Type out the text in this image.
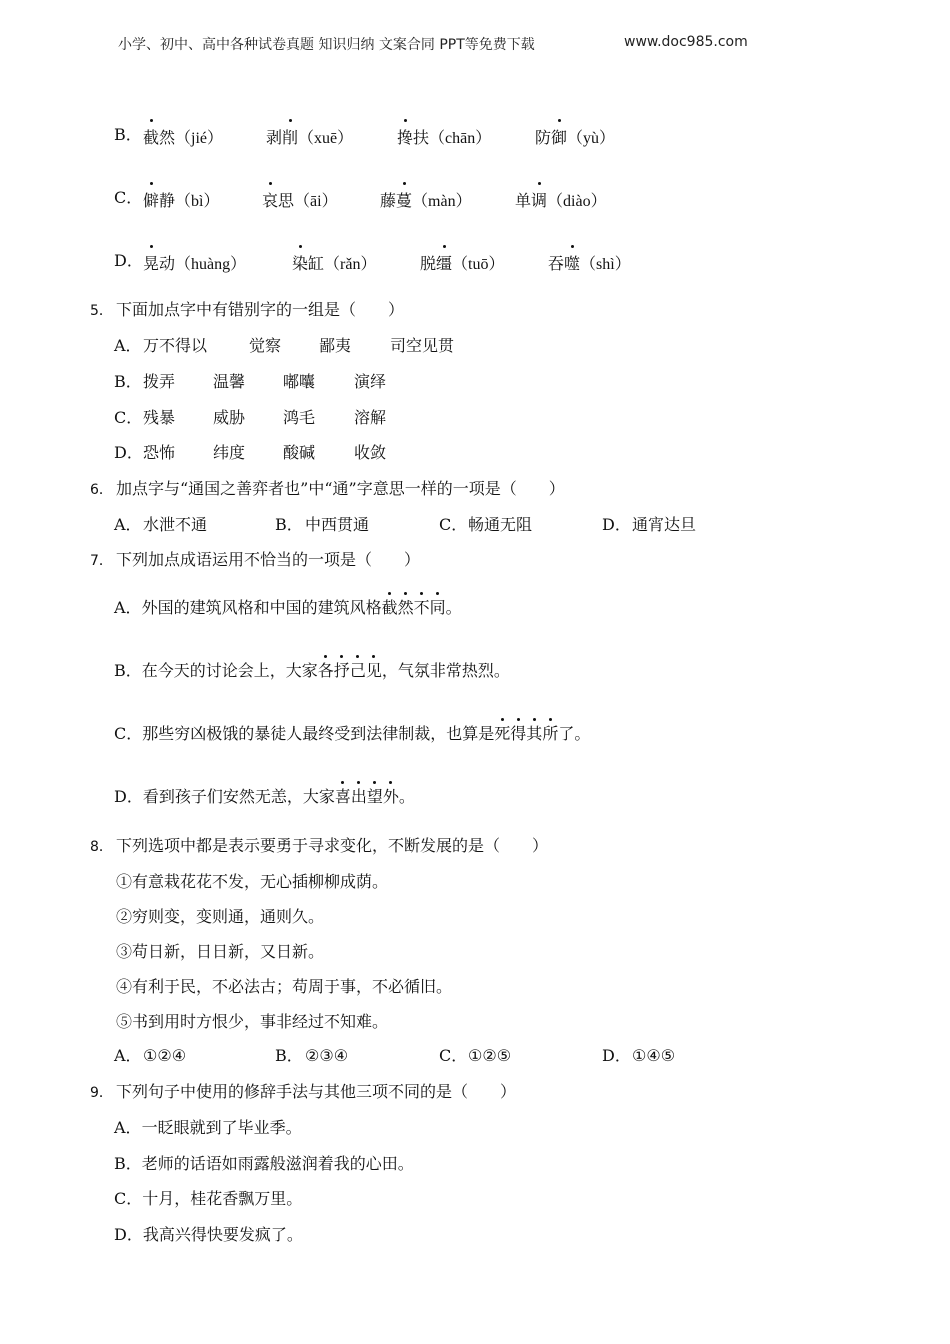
小学、初中、高中各种试卷真题 知识归纳 文案合同 PPT等免费下载	www.doc985.com
B． 截然（jié）	剥削（xuē）	搀扶（chān）	防御（yù）
C． 僻静（bì）	哀思（āi）	藤蔓（màn）	单调（diào）
D． 晃动（huàng）	染缸（rǎn）	脱缰（tuō）	吞噬（shì）
5． 下面加点字中有错别字的一组是（　　）
A． 万不得以	觉察 鄙夷 司空见贯
B． 拨弄 温馨 嘟囔 演绎
C． 残暴 威胁 鸿毛 溶解
D． 恐怖 纬度 酸碱 收敛
6． 加点字与“通国之善弈者也”中“通”字意思一样的一项是（　　）
A． 水泄不通	B． 中西贯通	C． 畅通无阻	D． 通宵达旦
7． 下列加点成语运用不恰当的一项是（　　）
A．外国的建筑风格和中国的建筑风格截然不同。
B．在今天的讨论会上，大家各抒己见，气氛非常热烈。
C．那些穷凶极饿的暴徒人最终受到法律制裁，也算是死得其所了。
D．看到孩子们安然无恙，大家喜出望外。
8． 下列选项中都是表示要勇于寻求变化，不断发展的是（　　）
①有意栽花花不发，无心插柳柳成荫。
②穷则变，变则通，通则久。
③苟日新，日日新，又日新。
④有利于民，不必法古；苟周于事，不必循旧。
⑤书到用时方恨少，事非经过不知难。
A． ①②④	B． ②③④	C． ①②⑤	D． ①④⑤
9． 下列句子中使用的修辞手法与其他三项不同的是（　　）
A．一眨眼就到了毕业季。
B．老师的话语如雨露般滋润着我的心田。
C．十月，桂花香飘万里。
D．我高兴得快要发疯了。
